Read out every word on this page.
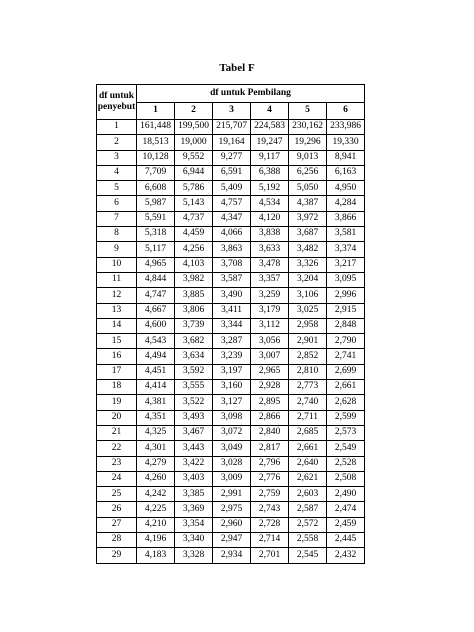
Tabel F
df untuk
penyebut	df untuk Pembilang					
	1	2	3	4	5	6
1	161,448	199,500	215,707	224,583	230,162	233,986
2	18,513	19,000	19,164	19,247	19,296	19,330
3	10,128	9,552	9,277	9,117	9,013	8,941
4	7,709	6,944	6,591	6,388	6,256	6,163
5	6,608	5,786	5,409	5,192	5,050	4,950
6	5,987	5,143	4,757	4,534	4,387	4,284
7	5,591	4,737	4,347	4,120	3,972	3,866
8	5,318	4,459	4,066	3,838	3,687	3,581
9	5,117	4,256	3,863	3,633	3,482	3,374
10	4,965	4,103	3,708	3,478	3,326	3,217
11	4,844	3,982	3,587	3,357	3,204	3,095
12	4,747	3,885	3,490	3,259	3,106	2,996
13	4,667	3,806	3,411	3,179	3,025	2,915
14	4,600	3,739	3,344	3,112	2,958	2,848
15	4,543	3,682	3,287	3,056	2,901	2,790
16	4,494	3,634	3,239	3,007	2,852	2,741
17	4,451	3,592	3,197	2,965	2,810	2,699
18	4,414	3,555	3,160	2,928	2,773	2,661
19	4,381	3,522	3,127	2,895	2,740	2,628
20	4,351	3,493	3,098	2,866	2,711	2,599
21	4,325	3,467	3,072	2,840	2,685	2,573
22	4,301	3,443	3,049	2,817	2,661	2,549
23	4,279	3,422	3,028	2,796	2,640	2,528
24	4,260	3,403	3,009	2,776	2,621	2,508
25	4,242	3,385	2,991	2,759	2,603	2,490
26	4,225	3,369	2,975	2,743	2,587	2,474
27	4,210	3,354	2,960	2,728	2,572	2,459
28	4,196	3,340	2,947	2,714	2,558	2,445
29	4,183	3,328	2,934	2,701	2,545	2,432
